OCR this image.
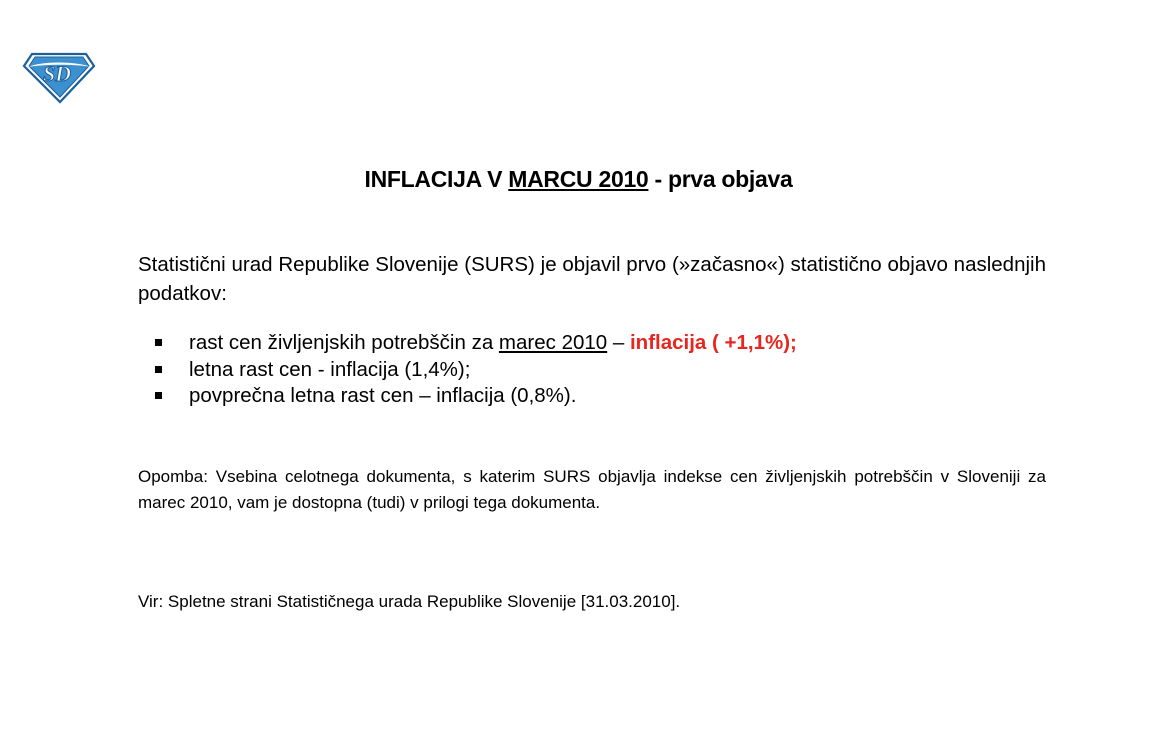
SD
INFLACIJA V MARCU 2010 - prva objava
Statistični urad Republike Slovenije (SURS) je objavil prvo (»začasno«) statistično objavo naslednjih podatkov:
rast cen življenjskih potrebščin za marec 2010 – inflacija ( +1,1%);
letna rast cen - inflacija (1,4%);
povprečna letna rast cen – inflacija (0,8%).
Opomba: Vsebina celotnega dokumenta, s katerim SURS objavlja indekse cen življenjskih potrebščin v Sloveniji za marec 2010, vam je dostopna (tudi) v prilogi tega dokumenta.
Vir: Spletne strani Statističnega urada Republike Slovenije [31.03.2010].
